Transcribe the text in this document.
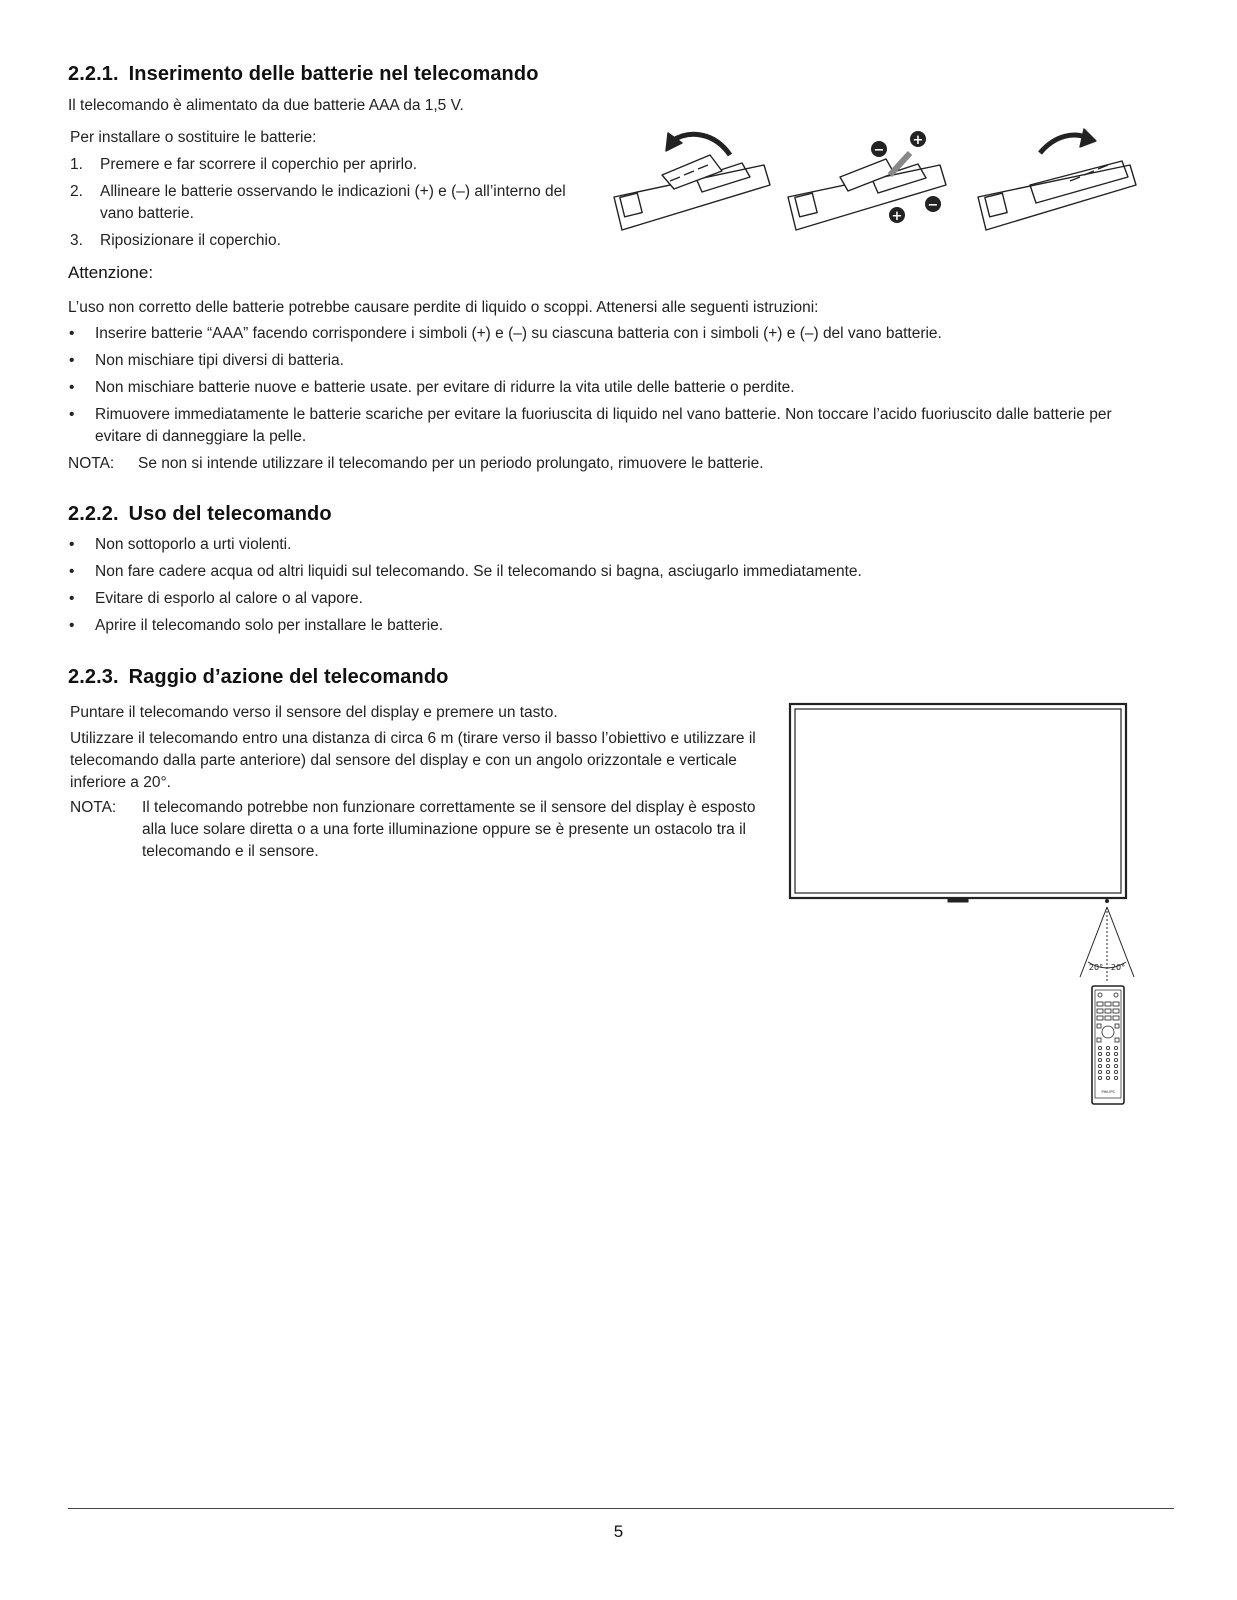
2.2.1. Inserimento delle batterie nel telecomando

Il telecomando è alimentato da due batterie AAA da 1,5 V.

Per installare o sostituire le batterie:

1. Premere e far scorrere il coperchio per aprirlo.
2. Allineare le batterie osservando le indicazioni (+) e (–) all’interno del vano batterie.
3. Riposizionare il coperchio.
−
+
+
−

Attenzione:

L’uso non corretto delle batterie potrebbe causare perdite di liquido o scoppi. Attenersi alle seguenti istruzioni:

• Inserire batterie “AAA” facendo corrispondere i simboli (+) e (–) su ciascuna batteria con i simboli (+) e (–) del vano batterie.
• Non mischiare tipi diversi di batteria.
• Non mischiare batterie nuove e batterie usate. per evitare di ridurre la vita utile delle batterie o perdite.
• Rimuovere immediatamente le batterie scariche per evitare la fuoriuscita di liquido nel vano batterie. Non toccare l’acido fuoriuscito dalle batterie per evitare di danneggiare la pelle.
NOTA: Se non si intende utilizzare il telecomando per un periodo prolungato, rimuovere le batterie.
2.2.2. Uso del telecomando
• Non sottoporlo a urti violenti.
• Non fare cadere acqua od altri liquidi sul telecomando. Se il telecomando si bagna, asciugarlo immediatamente.
• Evitare di esporlo al calore o al vapore.
• Aprire il telecomando solo per installare le batterie.
2.2.3. Raggio d’azione del telecomando

Puntare il telecomando verso il sensore del display e premere un tasto.

Utilizzare il telecomando entro una distanza di circa 6 m (tirare verso il basso l’obiettivo e utilizzare il telecomando dalla parte anteriore) dal sensore del display e con un angolo orizzontale e verticale inferiore a 20°.

NOTA: Il telecomando potrebbe non funzionare correttamente se il sensore del display è esposto alla luce solare diretta o a una forte illuminazione oppure se è presente un ostacolo tra il telecomando e il sensore.
20° 20°
PHILIPS
5
